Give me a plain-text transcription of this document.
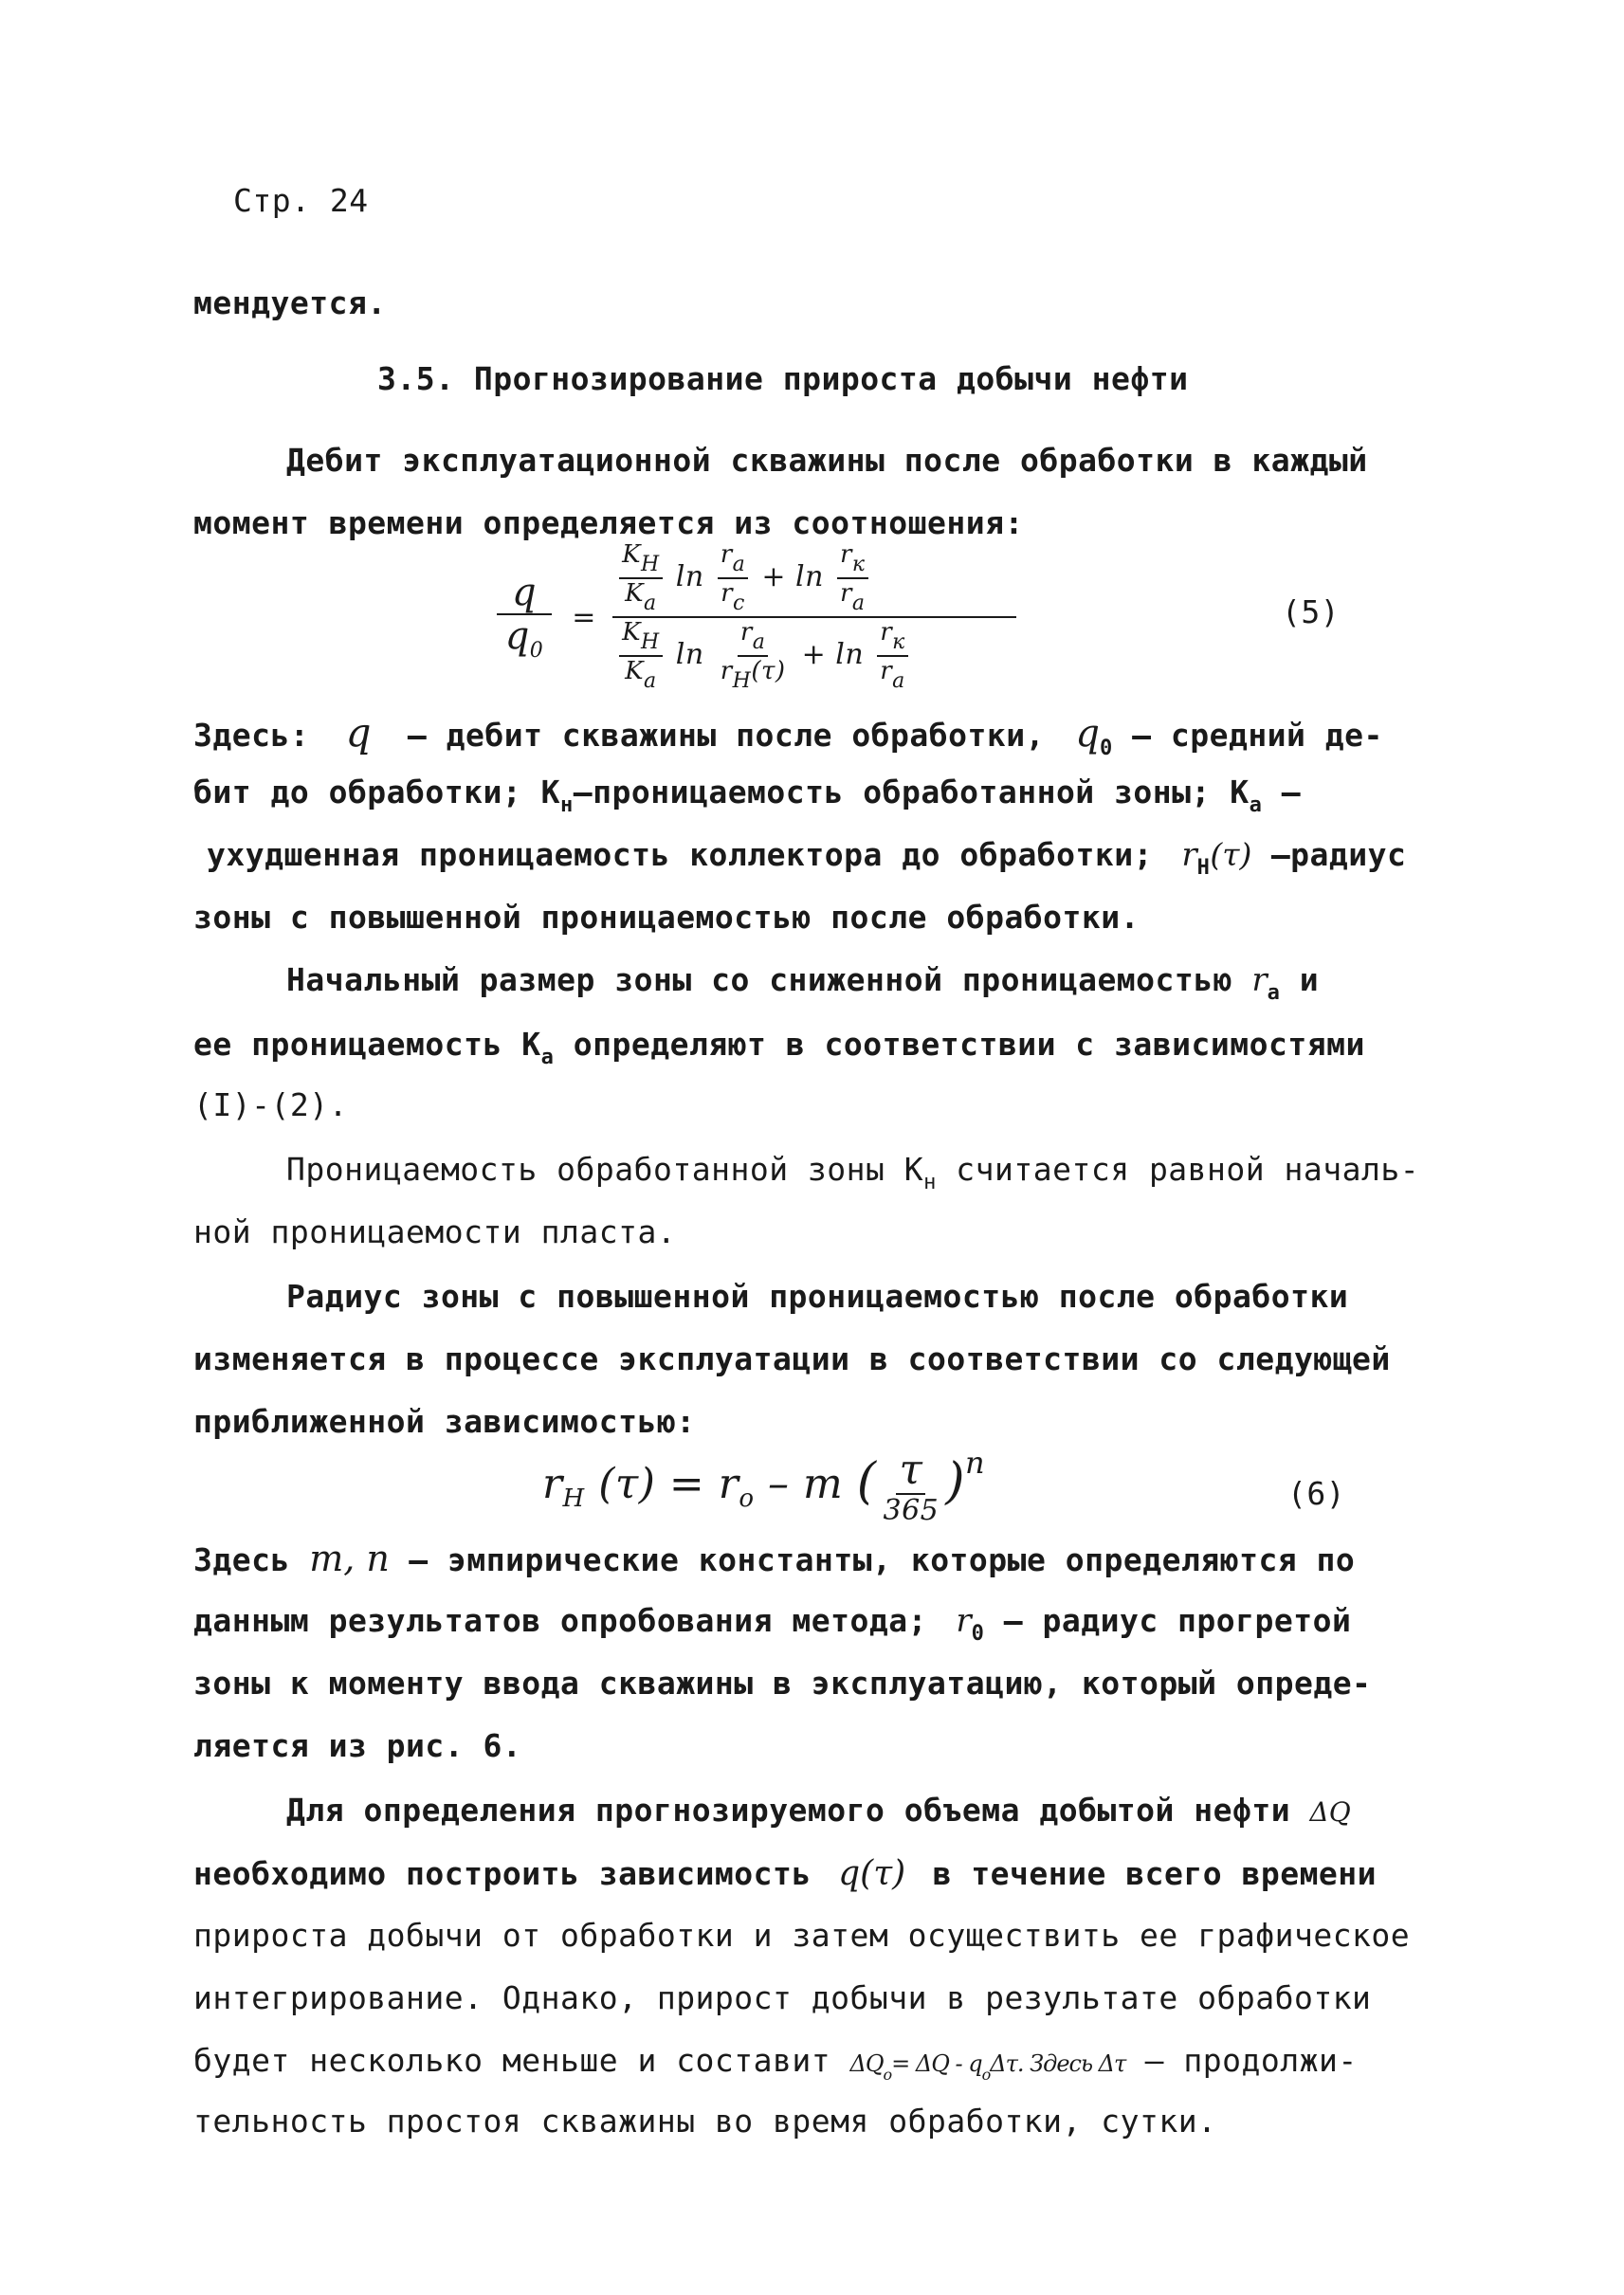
Стр. 24
мендуется.
3.5. Прогнозирование прироста добычи нефти
Дебит эксплуатационной скважины после обработки в каждый
момент времени определяется из соотношения:
$\frac{q}{q_0}$ =
$\frac{K_H}{K_a}$ $\ln \frac{r_a}{r_c} + \ln \frac{r_к}{r_a}$
$\frac{K_H}{K_a}$ $\ln \frac{r_a}{r_H(\tau)} + \ln \frac{r_к}{r_a}$
(5)
Здесь: q – дебит скважины после обработки, $q_0$ – средний де-
бит до обработки; $К_н$–проницаемость обработанной зоны; $К_a$ –
ухудшенная проницаемость коллектора до обработки; $r_H(\tau)$ –радиус
зоны с повышенной проницаемостью после обработки.
Начальный размер зоны со сниженной проницаемостью $r_a$ и
ее проницаемость $К_a$ определяют в соответствии с зависимостями
(I)-(2).
Проницаемость обработанной зоны $К_н$ считается равной началь-
ной проницаемости пласта.
Радиус зоны с повышенной проницаемостью после обработки
изменяется в процессе эксплуатации в соответствии со следующей
приближенной зависимостью:
$r_H$ $(\tau) = r_o - m$ ( $\frac{\tau}{365} )^n$
(6)
Здесь m, n – эмпирические константы, которые определяются по
данным результатов опробования метода; $r_0$ – радиус прогретой
зоны к моменту ввода скважины в эксплуатацию, который опреде-
ляется из рис. 6.
Для определения прогнозируемого объема добытой нефти ΔQ
необходимо построить зависимость q(τ) в течение всего времени
прироста добычи от обработки и затем осуществить ее графическое
интегрирование. Однако, прирост добычи в результате обработки
будет несколько меньше и составит $\Delta Q_о= \Delta Q - q_o\Delta\tau$. Здесь Δτ – продолжи-
тельность простоя скважины во время обработки, сутки.
